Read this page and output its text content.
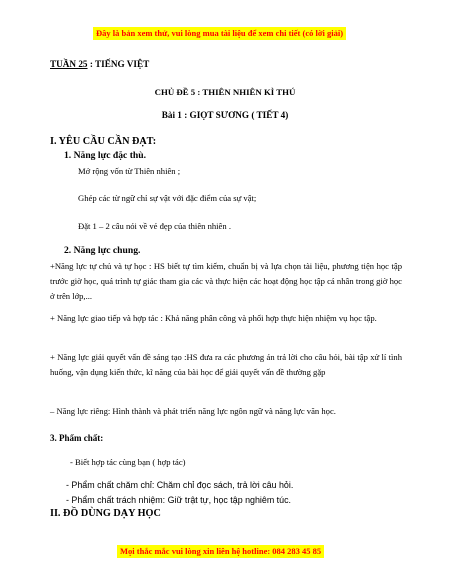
Đây là bản xem thử, vui lòng mua tài liệu để xem chi tiết (có lời giải)
TUẦN 25 : TIẾNG VIỆT
CHỦ ĐỀ 5 : THIÊN NHIÊN KÌ THÚ
Bài 1 : GIỌT SƯƠNG ( TIẾT 4)
I. YÊU CẦU CẦN ĐẠT:
1. Năng lực đặc thù.
Mở rộng vốn từ Thiên nhiên ;
Ghép các từ ngữ chỉ sự vật với đặc điểm của sự vật;
Đặt 1 – 2 câu nói về vẻ đẹp của thiên nhiên .
2. Năng lực chung.
+Năng lực tự chủ và tự học : HS biết tự tìm kiếm, chuẩn bị và lựa chọn tài liệu, phương tiện học tập trước giờ học, quá trình tự giác tham gia các và thực hiện các hoạt động học tập cá nhân trong giờ học ở trên lớp,...
+ Năng lực giao tiếp và hợp tác : Khả năng phân công và phối hợp thực hiện nhiệm vụ học tập.
+ Năng lực giải quyết vấn đề sáng tạo :HS đưa ra các phương án trả lời cho câu hỏi, bài tập xử lí tình huống, vận dụng kiến thức, kĩ năng của bài học để giải quyết vấn đề thường gặp
– Năng lực riêng: Hình thành và phát triển năng lực ngôn ngữ và năng lực văn học.
3. Phẩm chất:
- Biết hợp tác cùng bạn ( hợp tác)
- Phẩm chất chăm chỉ: Chăm chỉ đọc sách, trả lời câu hỏi.
- Phẩm chất trách nhiệm: Giữ trật tự, học tập nghiêm túc.
II. ĐỒ DÙNG DẠY HỌC
Mọi thắc mắc vui lòng xin liên hệ hotline: 084 283 45 85
